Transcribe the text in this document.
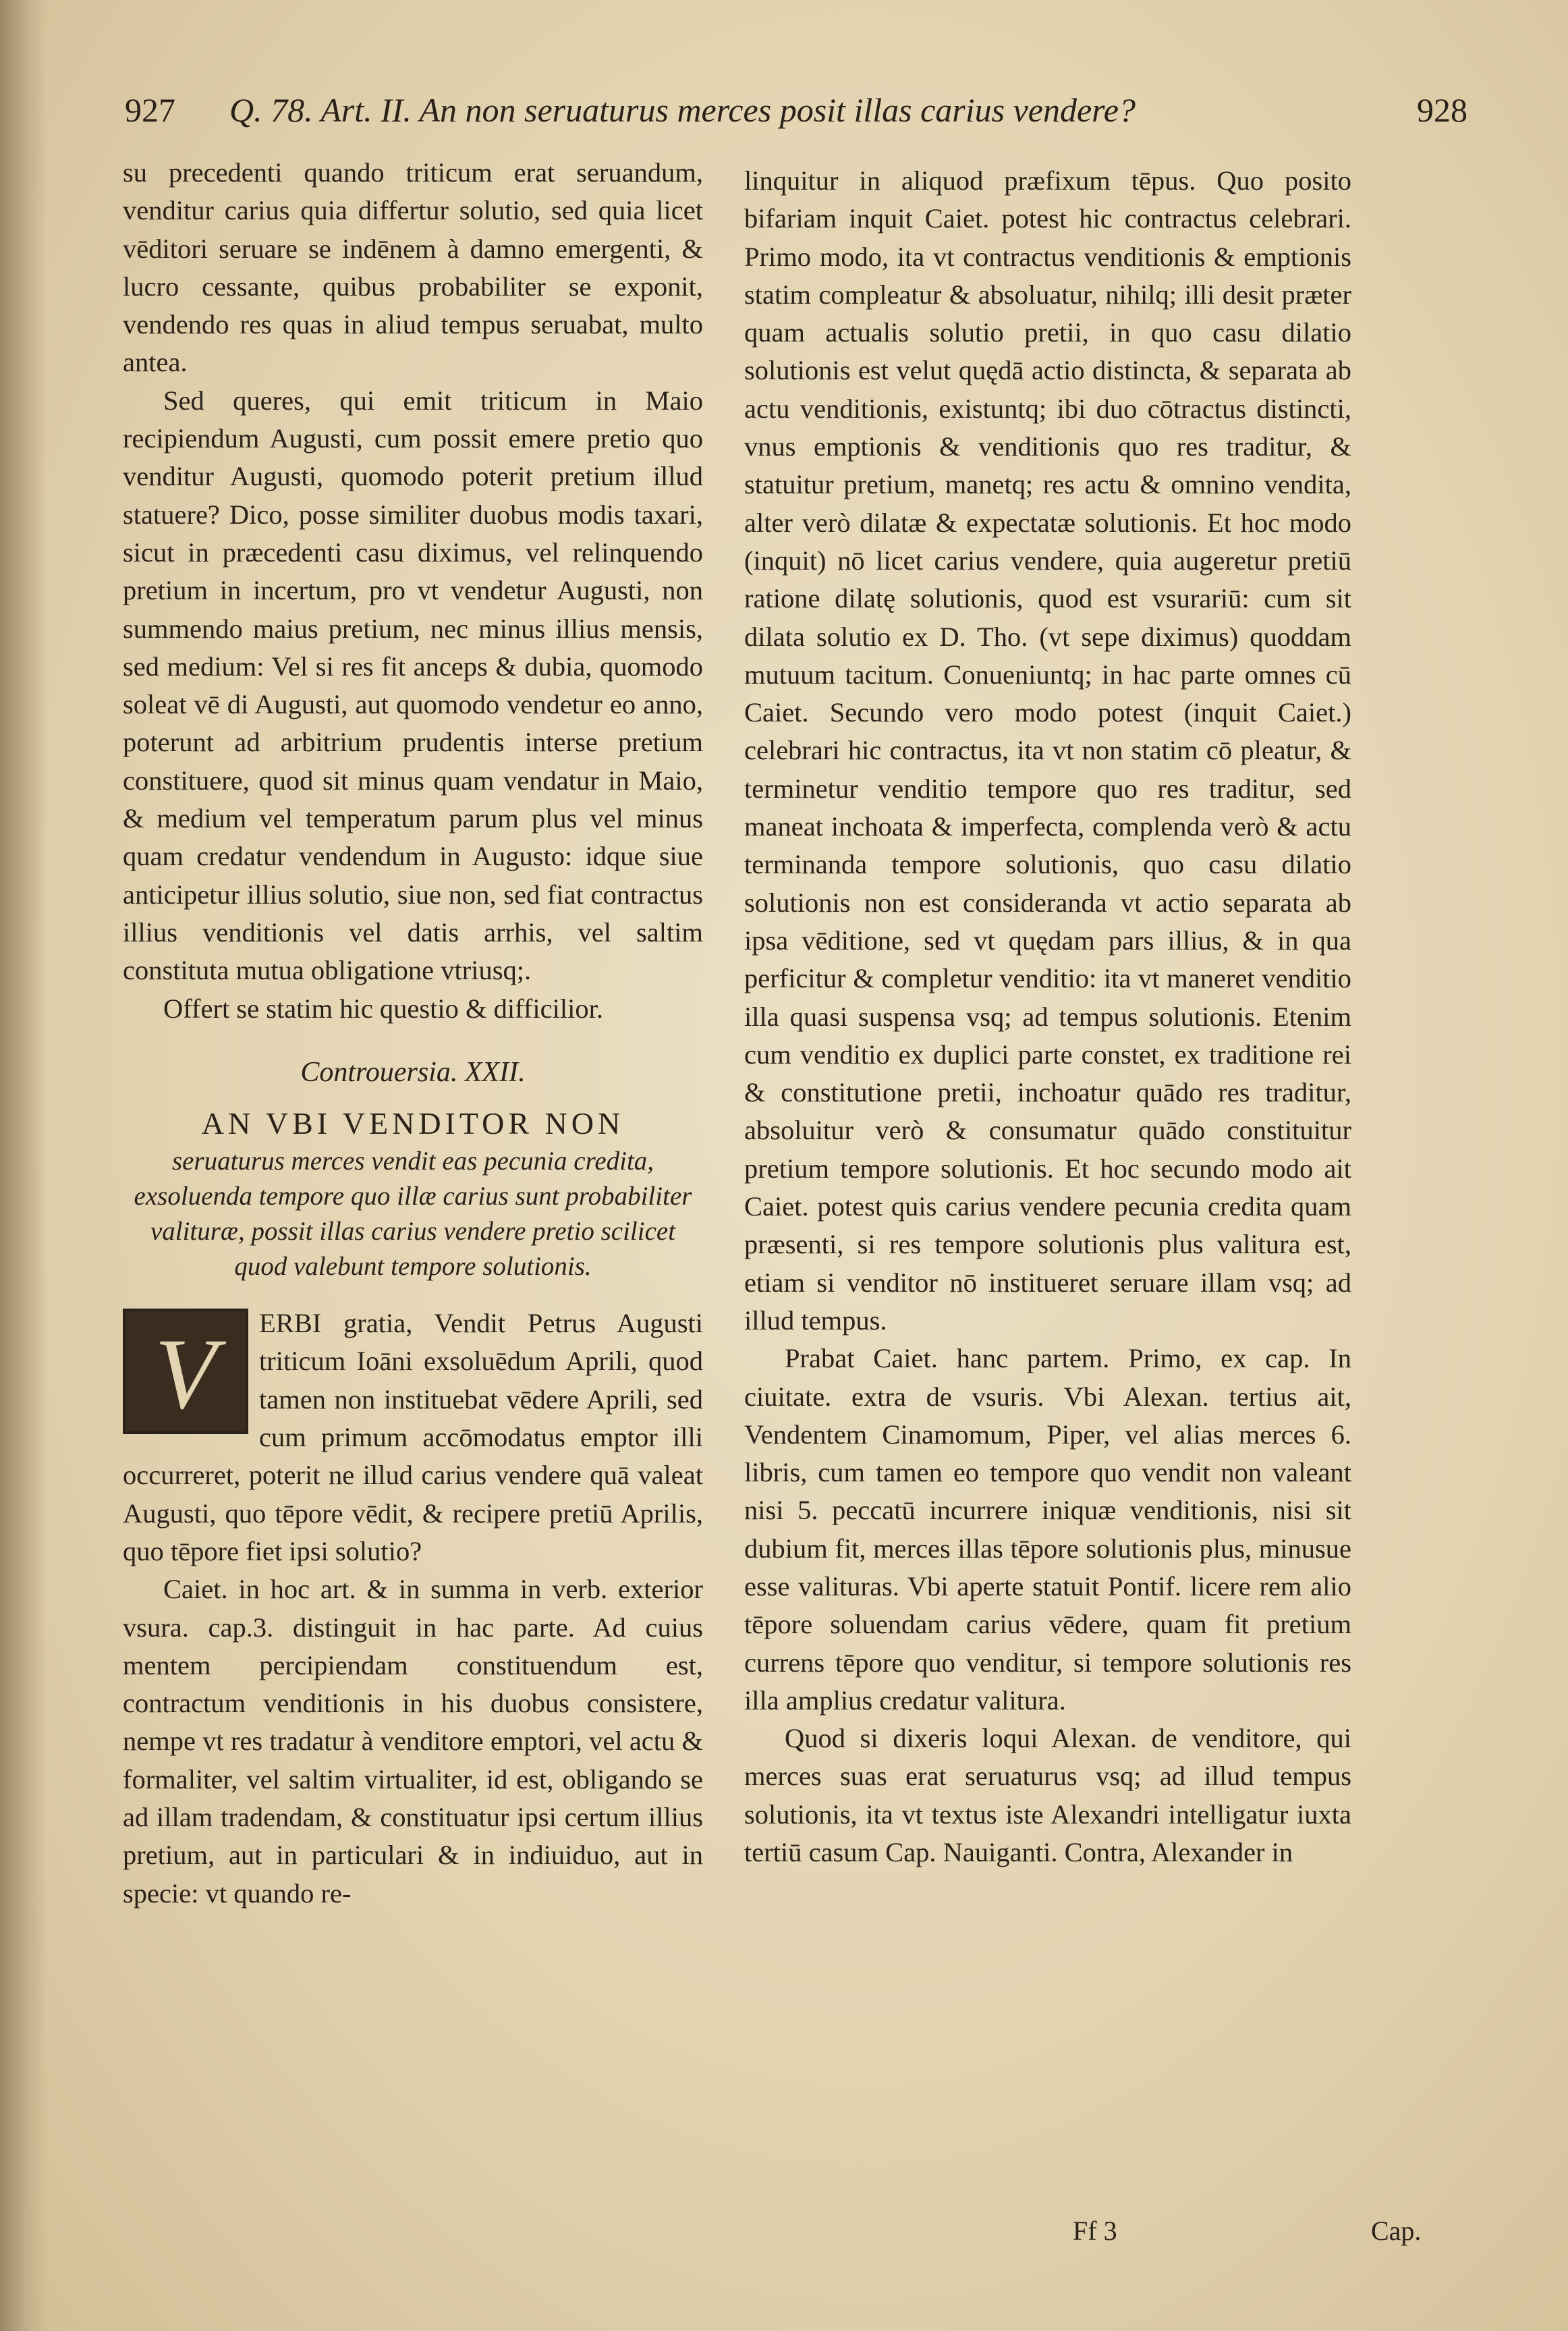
927 Q. 78. Art. II. An non seruaturus merces posit illas carius vendere?	928

su precedenti quando triticum erat seruandum, venditur carius quia differtur solutio, sed quia licet vēditori seruare se indēnem à damno emergenti, & lucro cessante, quibus probabiliter se exponit, vendendo res quas in aliud tempus seruabat, multo antea.

Sed queres, qui emit triticum in Maio recipiendum Augusti, cum possit emere pretio quo venditur Augusti, quomodo poterit pretium illud statuere? Dico, posse similiter duobus modis taxari, sicut in præcedenti casu diximus, vel relinquendo pretium in incertum, pro vt vendetur Augusti, non summendo maius pretium, nec minus illius mensis, sed medium: Vel si res fit anceps & dubia, quomodo soleat vē di Augusti, aut quomodo vendetur eo anno, poterunt ad arbitrium prudentis interse pretium constituere, quod sit minus quam vendatur in Maio, & medium vel temperatum parum plus vel minus quam credatur vendendum in Augusto: idque siue anticipetur illius solutio, siue non, sed fiat contractus illius venditionis vel datis arrhis, vel saltim constituta mutua obligatione vtriusq;.

Offert se statim hic questio & difficilior.

Controuersia. XXII.

AN VBI VENDITOR NON

seruaturus merces vendit eas pecunia credita, exsoluenda tempore quo illæ carius sunt probabiliter valituræ, possit illas carius vendere pretio scilicet quod valebunt tempore solutionis.

V	ERBI gratia, Vendit Petrus Augusti triticum Ioāni exsoluēdum Aprili, quod tamen non instituebat vēdere Aprili, sed cum primum accōmodatus emptor illi occurreret, poterit ne illud carius vendere quā valeat Augusti, quo tēpore vēdit, & recipere pretiū Aprilis, quo tēpore fiet ipsi solutio?

Caiet. in hoc art. & in summa in verb. exterior vsura. cap.3. distinguit in hac parte. Ad cuius mentem percipiendam constituendum est, contractum venditionis in his duobus consistere, nempe vt res tradatur à venditore emptori, vel actu & formaliter, vel saltim virtualiter, id est, obligando se ad illam tradendam, & constituatur ipsi certum illius pretium, aut in particulari & in indiuiduo, aut in specie: vt quando re-

linquitur in aliquod præfixum tēpus. Quo posito bifariam inquit Caiet. potest hic contractus celebrari. Primo modo, ita vt contractus venditionis & emptionis statim compleatur & absoluatur, nihilq; illi desit præter quam actualis solutio pretii, in quo casu dilatio solutionis est velut quędā actio distincta, & separata ab actu venditionis, existuntq; ibi duo cōtractus distincti, vnus emptionis & venditionis quo res traditur, & statuitur pretium, manetq; res actu & omnino vendita, alter verò dilatæ & expectatæ solutionis. Et hoc modo (inquit) nō licet carius vendere, quia augeretur pretiū ratione dilatę solutionis, quod est vsurariū: cum sit dilata solutio ex D. Tho. (vt sepe diximus) quoddam mutuum tacitum. Conueniuntq; in hac parte omnes cū Caiet. Secundo vero modo potest (inquit Caiet.) celebrari hic contractus, ita vt non statim cō pleatur, & terminetur venditio tempore quo res traditur, sed maneat inchoata & imperfecta, complenda verò & actu terminanda tempore solutionis, quo casu dilatio solutionis non est consideranda vt actio separata ab ipsa vēditione, sed vt quędam pars illius, & in qua perficitur & completur venditio: ita vt maneret venditio illa quasi suspensa vsq; ad tempus solutionis. Etenim cum venditio ex duplici parte constet, ex traditione rei & constitutione pretii, inchoatur quādo res traditur, absoluitur verò & consumatur quādo constituitur pretium tempore solutionis. Et hoc secundo modo ait Caiet. potest quis carius vendere pecunia credita quam præsenti, si res tempore solutionis plus valitura est, etiam si venditor nō institueret seruare illam vsq; ad illud tempus.

Prabat Caiet. hanc partem. Primo, ex cap. In ciuitate. extra de vsuris. Vbi Alexan. tertius ait, Vendentem Cinamomum, Piper, vel alias merces 6. libris, cum tamen eo tempore quo vendit non valeant nisi 5. peccatū incurrere iniquæ venditionis, nisi sit dubium fit, merces illas tēpore solutionis plus, minusue esse valituras. Vbi aperte statuit Pontif. licere rem alio tēpore soluendam carius vēdere, quam fit pretium currens tēpore quo venditur, si tempore solutionis res illa amplius credatur valitura.

Quod si dixeris loqui Alexan. de venditore, qui merces suas erat seruaturus vsq; ad illud tempus solutionis, ita vt textus iste Alexandri intelligatur iuxta tertiū casum Cap. Nauiganti. Contra, Alexander in

Ff 3	Cap.
